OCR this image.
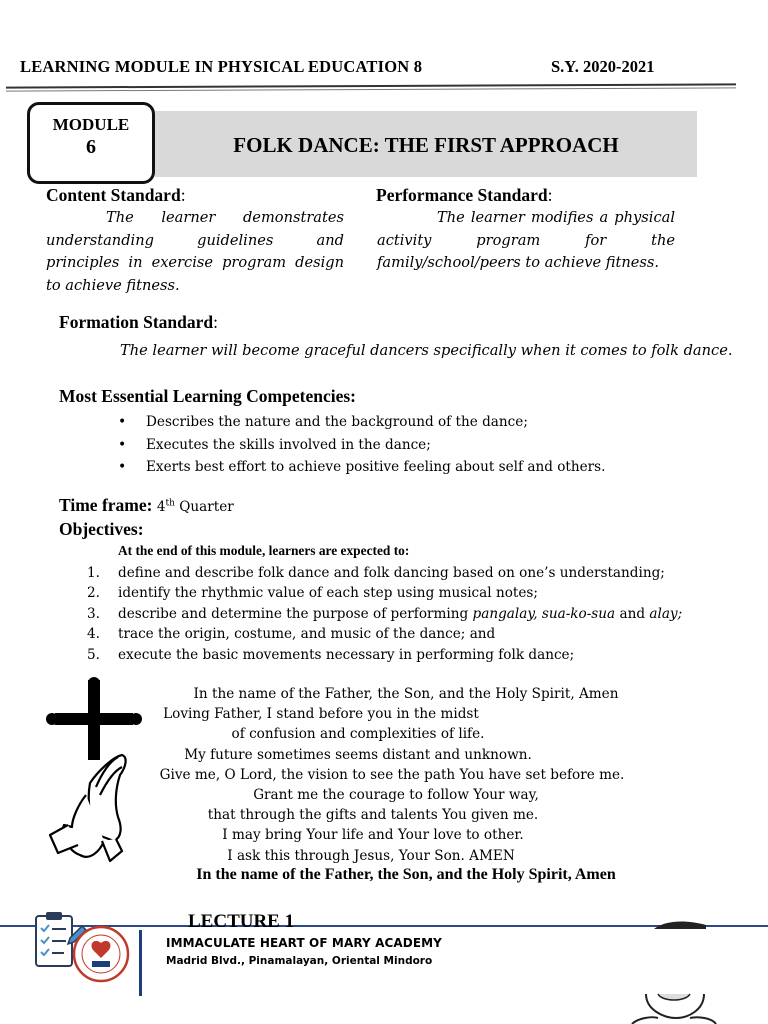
LEARNING MODULE IN PHYSICAL EDUCATION 8	S.Y. 2020-2021
MODULE
6	FOLK DANCE: THE FIRST APPROACH
Content Standard:
The learner demonstrates understanding guidelines and principles in exercise program design to achieve fitness.
Performance Standard:
The learner modifies a physical activity program for the family/school/peers to achieve fitness.
Formation Standard:
The learner will become graceful dancers specifically when it comes to folk dance.
Most Essential Learning Competencies:
• Describes the nature and the background of the dance;
• Executes the skills involved in the dance;
• Exerts best effort to achieve positive feeling about self and others.
Time frame: 4th Quarter
Objectives:
At the end of this module, learners are expected to:
1. define and describe folk dance and folk dancing based on one’s understanding;
2. identify the rhythmic value of each step using musical notes;
3. describe and determine the purpose of performing pangalay, sua-ko-sua and alay;
4. trace the origin, costume, and music of the dance; and
5. execute the basic movements necessary in performing folk dance;
In the name of the Father, the Son, and the Holy Spirit, Amen
Loving Father, I stand before you in the midst
of confusion and complexities of life.
My future sometimes seems distant and unknown.
Give me, O Lord, the vision to see the path You have set before me.
Grant me the courage to follow Your way,
that through the gifts and talents You given me.
I may bring Your life and Your love to other.
I ask this through Jesus, Your Son. AMEN
In the name of the Father, the Son, and the Holy Spirit, Amen
LECTURE 1
IMMACULATE HEART OF MARY ACADEMY
Madrid Blvd., Pinamalayan, Oriental Mindoro
